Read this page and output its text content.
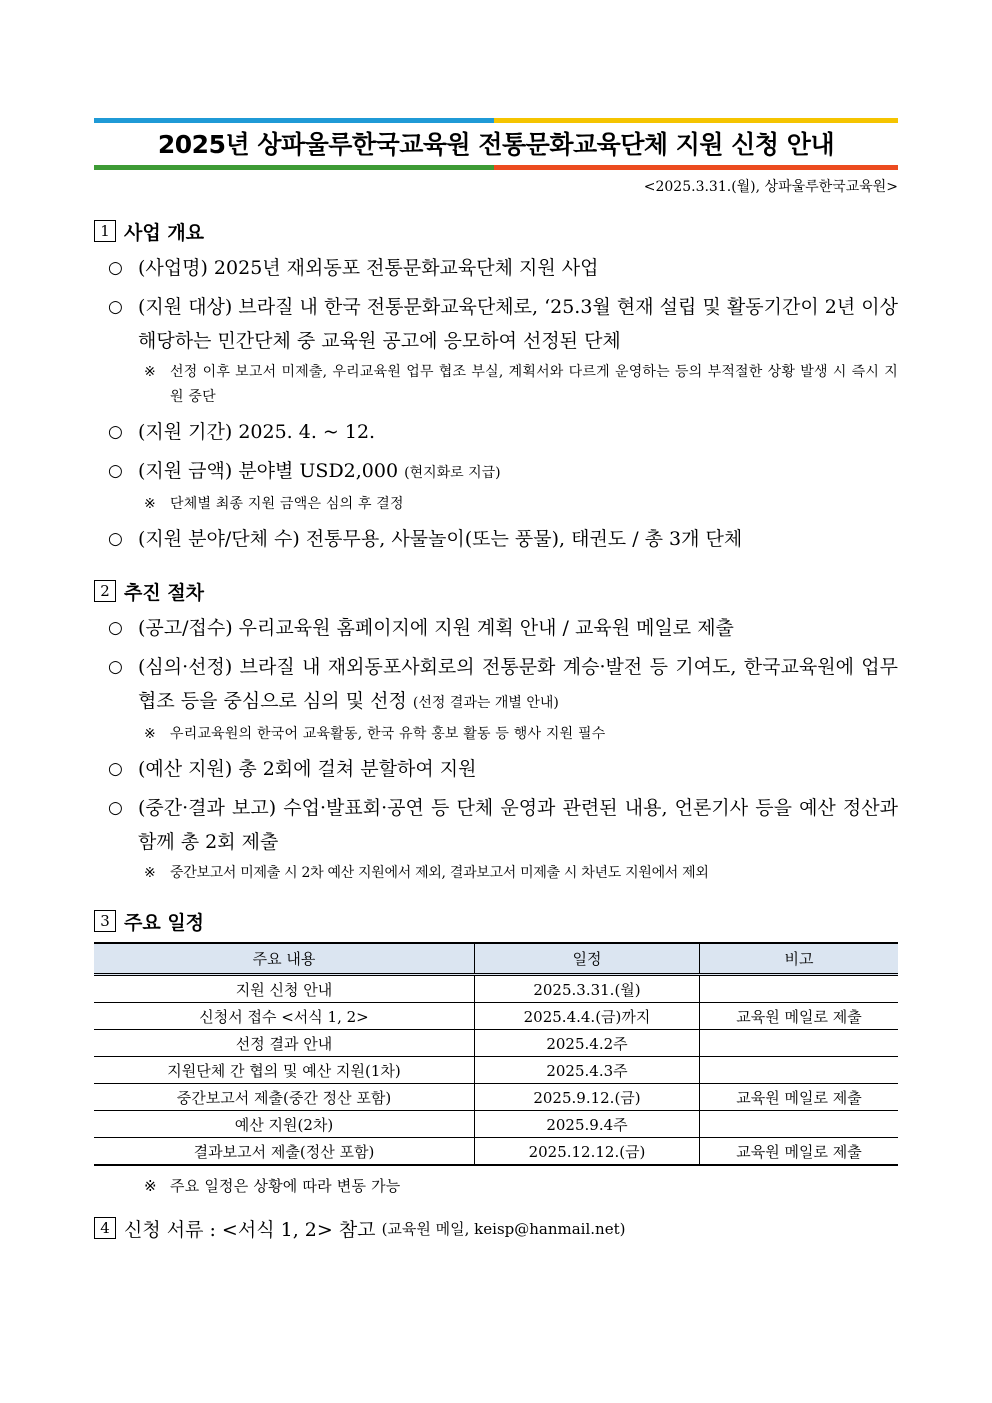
2025년 상파울루한국교육원 전통문화교육단체 지원 신청 안내
<2025.3.31.(월), 상파울루한국교육원>
1 사업 개요
○ (사업명) 2025년 재외동포 전통문화교육단체 지원 사업
○ (지원 대상) 브라질 내 한국 전통문화교육단체로, ‘25.3월 현재 설립 및 활동기간이 2년 이상 해당하는 민간단체 중 교육원 공고에 응모하여 선정된 단체
※ 선정 이후 보고서 미제출, 우리교육원 업무 협조 부실, 계획서와 다르게 운영하는 등의 부적절한 상황 발생 시 즉시 지원 중단
○ (지원 기간) 2025. 4. ~ 12.
○ (지원 금액) 분야별 USD2,000 (현지화로 지급)
※ 단체별 최종 지원 금액은 심의 후 결정
○ (지원 분야/단체 수) 전통무용, 사물놀이(또는 풍물), 태권도 / 총 3개 단체
2 추진 절차
○ (공고/접수) 우리교육원 홈페이지에 지원 계획 안내 / 교육원 메일로 제출
○ (심의·선정) 브라질 내 재외동포사회로의 전통문화 계승·발전 등 기여도, 한국교육원에 업무 협조 등을 중심으로 심의 및 선정 (선정 결과는 개별 안내)
※ 우리교육원의 한국어 교육활동, 한국 유학 홍보 활동 등 행사 지원 필수
○ (예산 지원) 총 2회에 걸쳐 분할하여 지원
○ (중간·결과 보고) 수업·발표회·공연 등 단체 운영과 관련된 내용, 언론기사 등을 예산 정산과 함께 총 2회 제출
※ 중간보고서 미제출 시 2차 예산 지원에서 제외, 결과보고서 미제출 시 차년도 지원에서 제외
3 주요 일정
주요 내용	일정	비고
지원 신청 안내	2025.3.31.(월)	
신청서 접수 <서식 1, 2>	2025.4.4.(금)까지	교육원 메일로 제출
선정 결과 안내	2025.4.2주	
지원단체 간 협의 및 예산 지원(1차)	2025.4.3주	
중간보고서 제출(중간 정산 포함)	2025.9.12.(금)	교육원 메일로 제출
예산 지원(2차)	2025.9.4주	
결과보고서 제출(정산 포함)	2025.12.12.(금)	교육원 메일로 제출
※ 주요 일정은 상황에 따라 변동 가능
4 신청 서류 : <서식 1, 2> 참고
(교육원 메일, keisp@hanmail.net)
